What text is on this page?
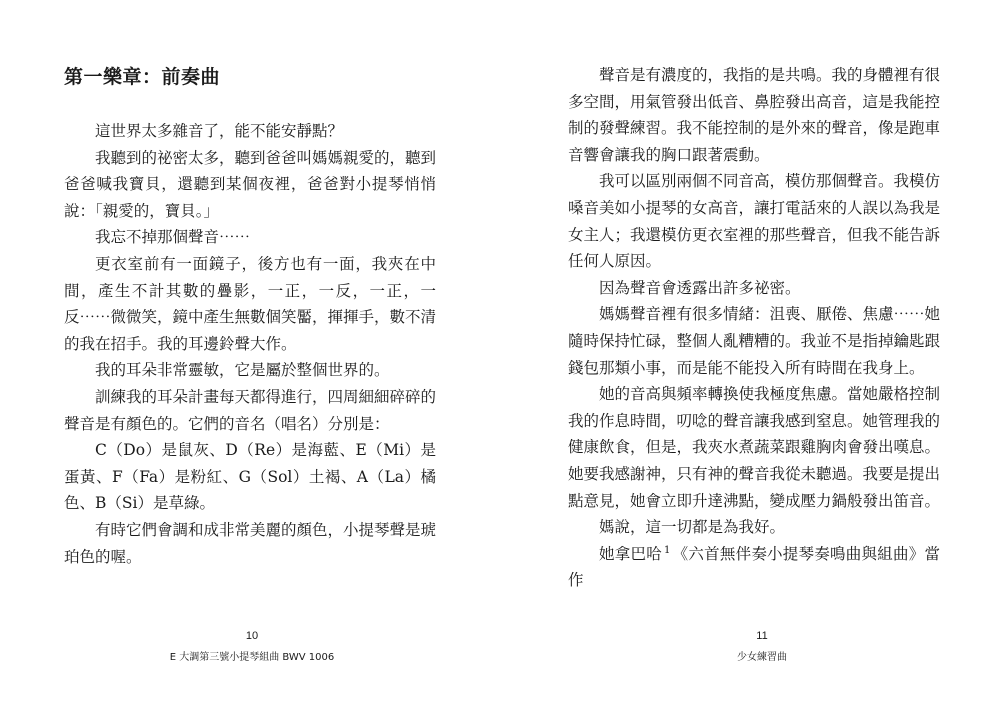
第一樂章：前奏曲

這世界太多雜音了，能不能安靜點？

我聽到的祕密太多，聽到爸爸叫媽媽親愛的，聽到爸爸喊我寶貝，還聽到某個夜裡，爸爸對小提琴悄悄說：「親愛的，寶貝。」

我忘不掉那個聲音⋯⋯

更衣室前有一面鏡子，後方也有一面，我夾在中間，產生不計其數的疊影，一正，一反，一正，一反⋯⋯微微笑，鏡中產生無數個笑靨，揮揮手，數不清的我在招手。我的耳邊鈴聲大作。

我的耳朵非常靈敏，它是屬於整個世界的。

訓練我的耳朵計畫每天都得進行，四周細細碎碎的聲音是有顏色的。它們的音名（唱名）分別是：

C（Do）是鼠灰、D（Re）是海藍、E（Mi）是蛋黃、F（Fa）是粉紅、G（Sol）土褐、A（La）橘色、B（Si）是草綠。

有時它們會調和成非常美麗的顏色，小提琴聲是琥珀色的喔。

10

E 大調第三號小提琴組曲 BWV 1006

聲音是有濃度的，我指的是共鳴。我的身體裡有很多空間，用氣管發出低音、鼻腔發出高音，這是我能控制的發聲練習。我不能控制的是外來的聲音，像是跑車音響會讓我的胸口跟著震動。

我可以區別兩個不同音高，模仿那個聲音。我模仿嗓音美如小提琴的女高音，讓打電話來的人誤以為我是女主人；我還模仿更衣室裡的那些聲音，但我不能告訴任何人原因。

因為聲音會透露出許多祕密。

媽媽聲音裡有很多情緒：沮喪、厭倦、焦慮⋯⋯她隨時保持忙碌，整個人亂糟糟的。我並不是指掉鑰匙跟錢包那類小事，而是能不能投入所有時間在我身上。

她的音高與頻率轉換使我極度焦慮。當她嚴格控制我的作息時間，叨唸的聲音讓我感到窒息。她管理我的健康飲食，但是，我夾水煮蔬菜跟雞胸肉會發出嘆息。她要我感謝神，只有神的聲音我從未聽過。我要是提出點意見，她會立即升達沸點，變成壓力鍋般發出笛音。

媽說，這一切都是為我好。

她拿巴哈 $^1$ 《六首無伴奏小提琴奏鳴曲與組曲》當作

11

少女練習曲
